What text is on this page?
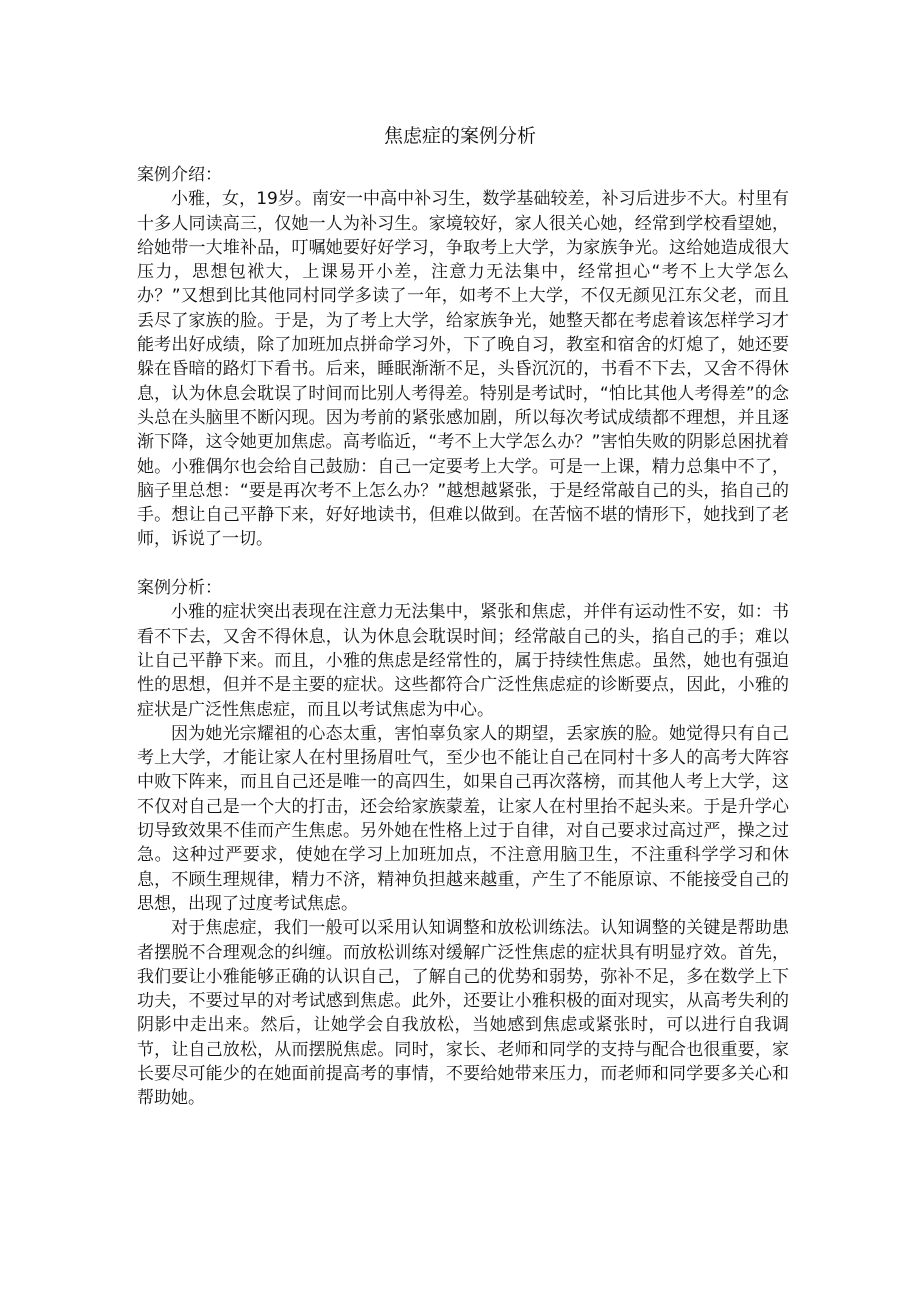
焦虑症的案例分析

案例介绍：

小雅，女，19岁。南安一中高中补习生，数学基础较差，补习后进步不大。村里有十多人同读高三，仅她一人为补习生。家境较好，家人很关心她，经常到学校看望她，给她带一大堆补品，叮嘱她要好好学习，争取考上大学，为家族争光。这给她造成很大压力，思想包袱大，上课易开小差，注意力无法集中，经常担心“考不上大学怎么办？”又想到比其他同村同学多读了一年，如考不上大学，不仅无颜见江东父老，而且丢尽了家族的脸。于是，为了考上大学，给家族争光，她整天都在考虑着该怎样学习才能考出好成绩，除了加班加点拼命学习外，下了晚自习，教室和宿舍的灯熄了，她还要躲在昏暗的路灯下看书。后来，睡眠渐渐不足，头昏沉沉的，书看不下去，又舍不得休息，认为休息会耽误了时间而比别人考得差。特别是考试时，“怕比其他人考得差”的念头总在头脑里不断闪现。因为考前的紧张感加剧，所以每次考试成绩都不理想，并且逐渐下降，这令她更加焦虑。高考临近，“考不上大学怎么办？”害怕失败的阴影总困扰着她。小雅偶尔也会给自己鼓励：自己一定要考上大学。可是一上课，精力总集中不了，脑子里总想：“要是再次考不上怎么办？”越想越紧张，于是经常敲自己的头，掐自己的手。想让自己平静下来，好好地读书，但难以做到。在苦恼不堪的情形下，她找到了老师，诉说了一切。

案例分析：

小雅的症状突出表现在注意力无法集中，紧张和焦虑，并伴有运动性不安，如：书看不下去，又舍不得休息，认为休息会耽误时间；经常敲自己的头，掐自己的手；难以让自己平静下来。而且，小雅的焦虑是经常性的，属于持续性焦虑。虽然，她也有强迫性的思想，但并不是主要的症状。这些都符合广泛性焦虑症的诊断要点，因此，小雅的症状是广泛性焦虑症，而且以考试焦虑为中心。

因为她光宗耀祖的心态太重，害怕辜负家人的期望，丢家族的脸。她觉得只有自己考上大学，才能让家人在村里扬眉吐气，至少也不能让自己在同村十多人的高考大阵容中败下阵来，而且自己还是唯一的高四生，如果自己再次落榜，而其他人考上大学，这不仅对自己是一个大的打击，还会给家族蒙羞，让家人在村里抬不起头来。于是升学心切导致效果不佳而产生焦虑。另外她在性格上过于自律，对自己要求过高过严，操之过急。这种过严要求，使她在学习上加班加点，不注意用脑卫生，不注重科学学习和休息，不顾生理规律，精力不济，精神负担越来越重，产生了不能原谅、不能接受自己的思想，出现了过度考试焦虑。

对于焦虑症，我们一般可以采用认知调整和放松训练法。认知调整的关键是帮助患者摆脱不合理观念的纠缠。而放松训练对缓解广泛性焦虑的症状具有明显疗效。首先，我们要让小雅能够正确的认识自己，了解自己的优势和弱势，弥补不足，多在数学上下功夫，不要过早的对考试感到焦虑。此外，还要让小雅积极的面对现实，从高考失利的阴影中走出来。然后，让她学会自我放松，当她感到焦虑或紧张时，可以进行自我调节，让自己放松，从而摆脱焦虑。同时，家长、老师和同学的支持与配合也很重要，家长要尽可能少的在她面前提高考的事情，不要给她带来压力，而老师和同学要多关心和帮助她。
